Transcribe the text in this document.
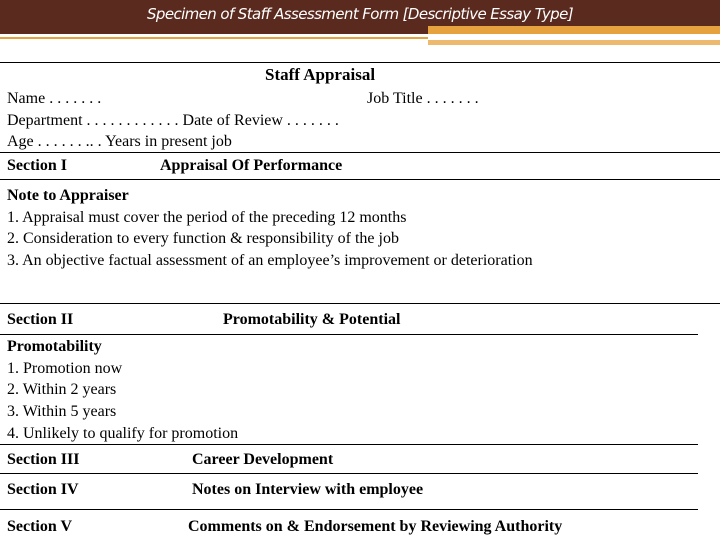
Specimen of Staff Assessment Form [Descriptive Essay Type]
Staff Appraisal
Name . . . . . . .	Job Title . . . . . . .
Department . . . . . . . . . . . . Date of Review . . . . . . .
Age . . . . . . .. . Years in present job
Section I	Appraisal Of Performance
Note to Appraiser
1. Appraisal must cover the period of the preceding 12 months
2. Consideration to every function & responsibility of the job
3. An objective factual assessment of an employee’s improvement or deterioration
Section II	Promotability & Potential
Promotability
1. Promotion now
2. Within 2 years
3. Within 5 years
4. Unlikely to qualify for promotion
Section III	Career Development
Section IV	Notes on Interview with employee
Section V	Comments on & Endorsement by Reviewing Authority
